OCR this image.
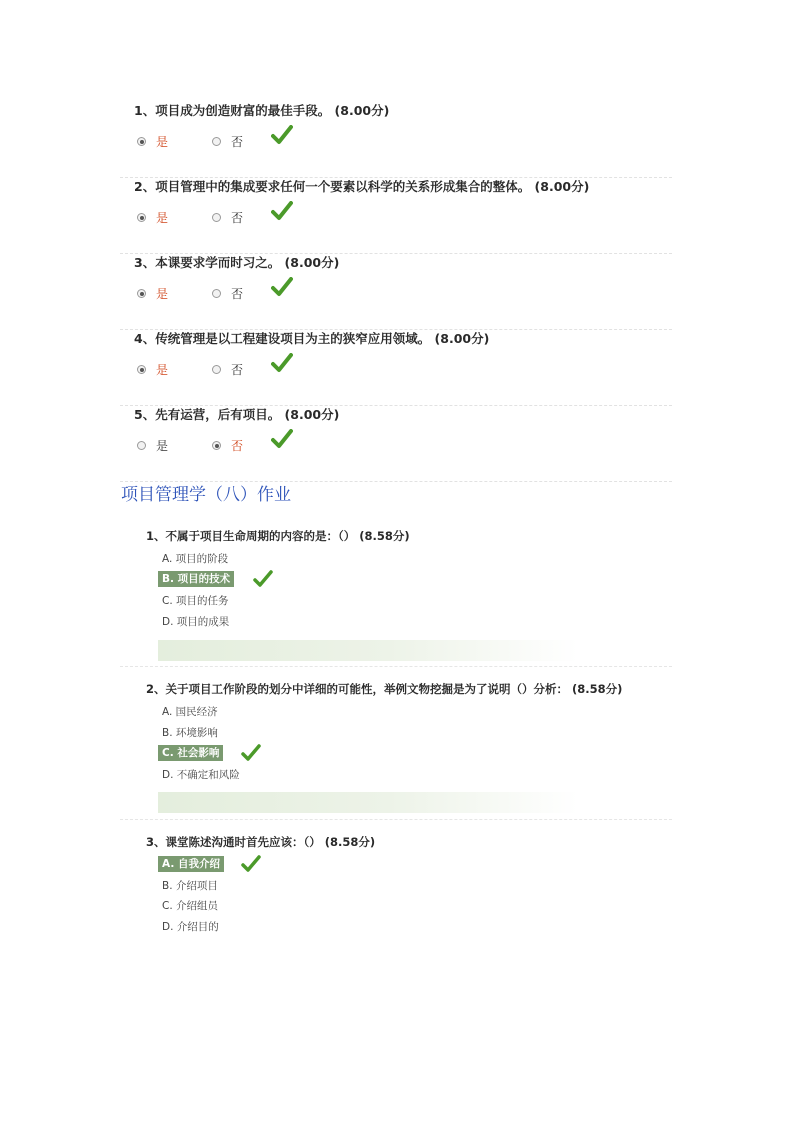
1、项目成为创造财富的最佳手段。 (8.00分)
是	否
2、项目管理中的集成要求任何一个要素以科学的关系形成集合的整体。 (8.00分)
是	否
3、本课要求学而时习之。 (8.00分)
是	否
4、传统管理是以工程建设项目为主的狭窄应用领域。 (8.00分)
是	否
5、先有运营，后有项目。 (8.00分)
是	否
项目管理学（八）作业
1、不属于项目生命周期的内容的是：（） (8.58分)
A. 项目的阶段
B. 项目的技术
C. 项目的任务
D. 项目的成果
2、关于项目工作阶段的划分中详细的可能性，举例文物挖掘是为了说明（）分析： (8.58分)
A. 国民经济
B. 环境影响
C. 社会影响
D. 不确定和风险
3、课堂陈述沟通时首先应该：（） (8.58分)
A. 自我介绍
B. 介绍项目
C. 介绍组员
D. 介绍目的
